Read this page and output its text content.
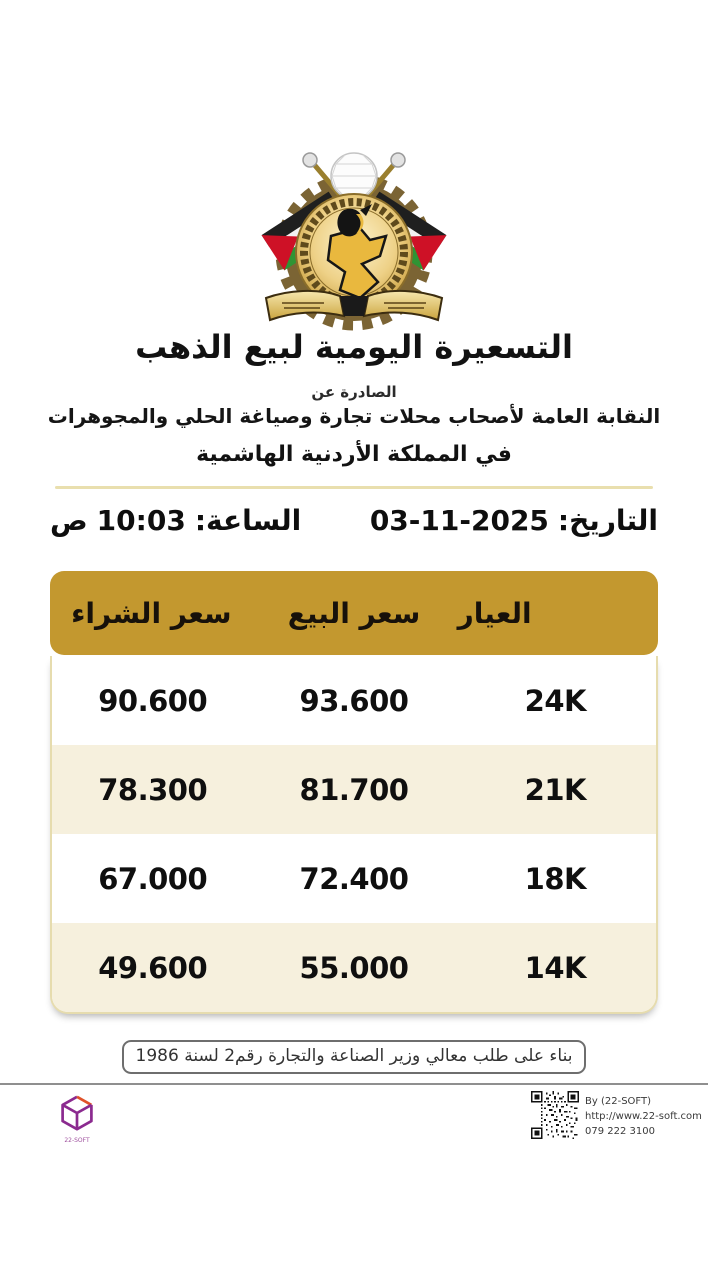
التسعيرة اليومية لبيع الذهب
الصادرة عن
النقابة العامة لأصحاب محلات تجارة وصياغة الحلي والمجوهرات
في المملكة الأردنية الهاشمية
التاريخ:
03-11-2025
الساعة:
10:03
ص
العيار
سعر البيع
سعر الشراء
24K
93.600
90.600
21K
81.700
78.300
18K
72.400
67.000
14K
55.000
49.600
بناء على طلب معالي وزير الصناعة والتجارة رقم2 لسنة 1986
By (22-SOFT)
http://www.22-soft.com
079 222 3100
22-SOFT
